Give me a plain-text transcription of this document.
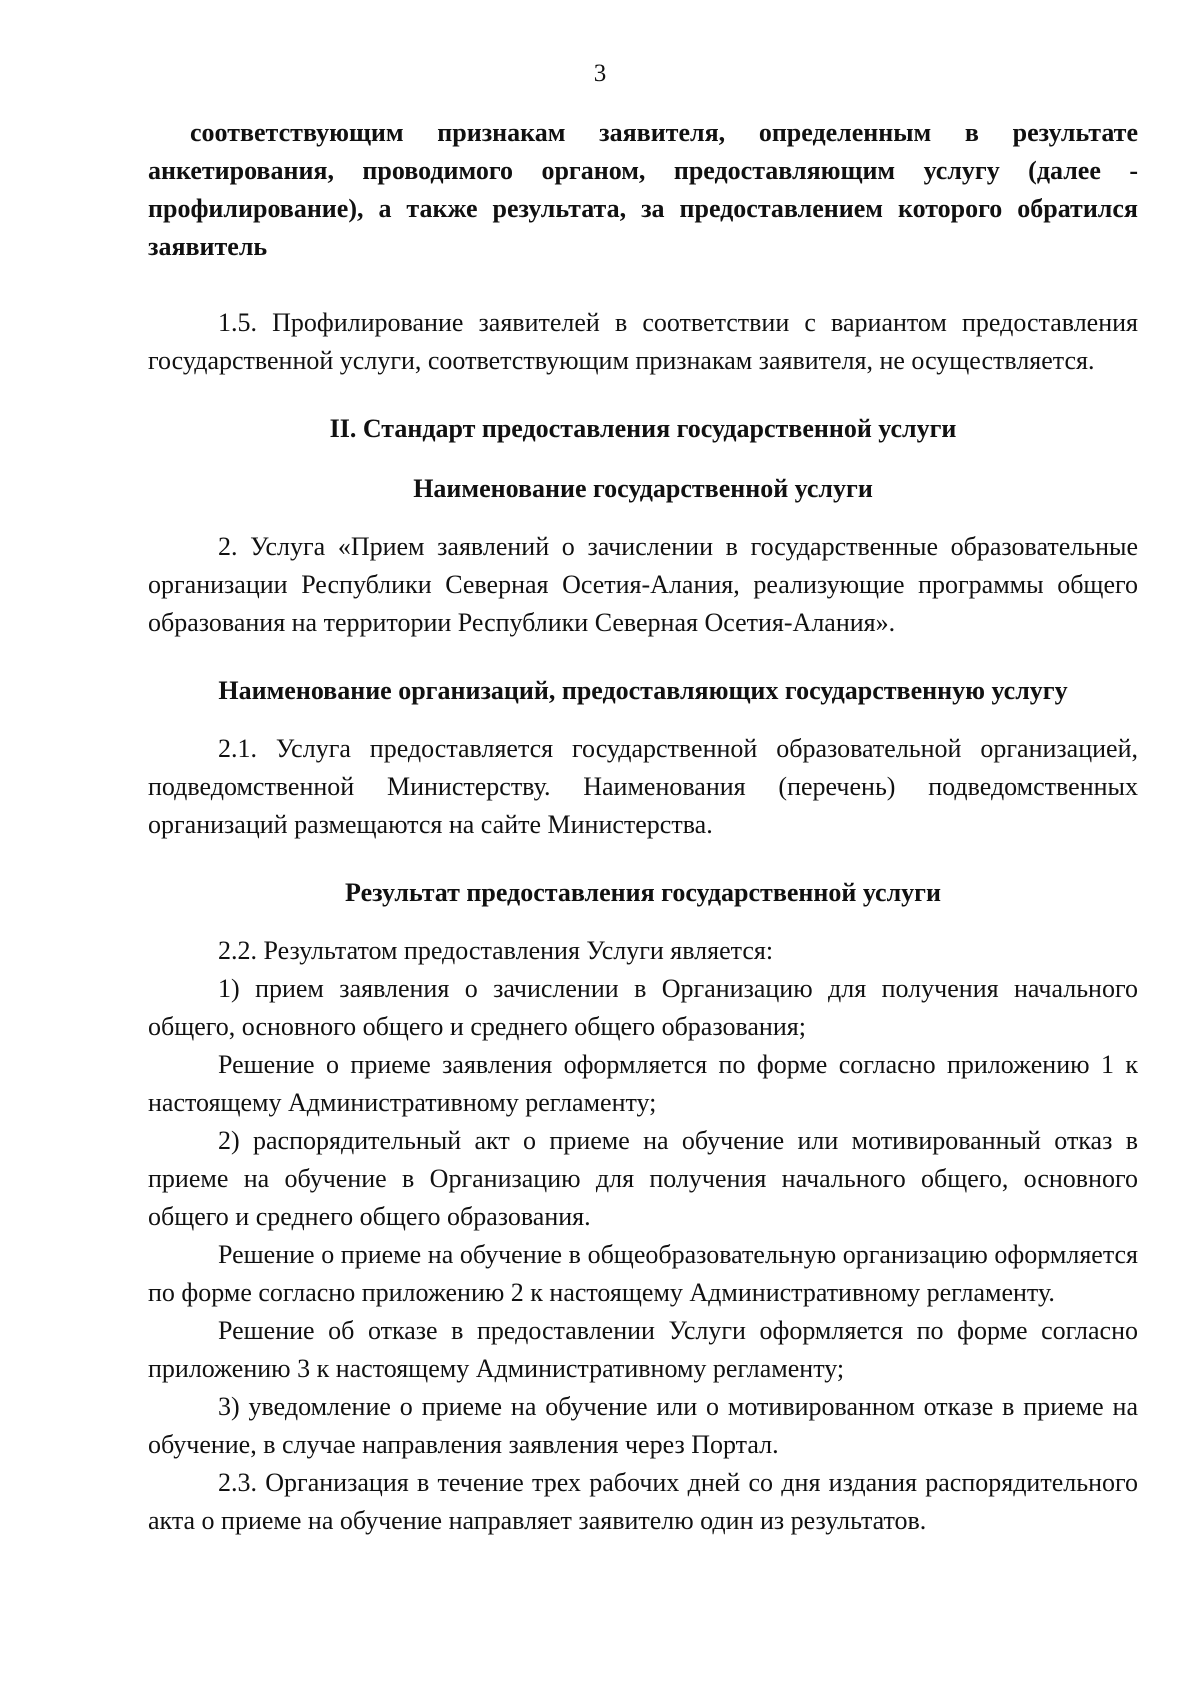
3

соответствующим признакам заявителя, определенным в результате анкетирования, проводимого органом, предоставляющим услугу (далее - профилирование), а также результата, за предоставлением которого обратился заявитель

1.5. Профилирование заявителей в соответствии с вариантом предоставления государственной услуги, соответствующим признакам заявителя, не осуществляется.

II. Стандарт предоставления государственной услуги

Наименование государственной услуги

2. Услуга «Прием заявлений о зачислении в государственные образовательные организации Республики Северная Осетия-Алания, реализующие программы общего образования на территории Республики Северная Осетия-Алания».

Наименование организаций, предоставляющих государственную услугу

2.1. Услуга предоставляется государственной образовательной организацией, подведомственной Министерству. Наименования (перечень) подведомственных организаций размещаются на сайте Министерства.

Результат предоставления государственной услуги

2.2. Результатом предоставления Услуги является:

1) прием заявления о зачислении в Организацию для получения начального общего, основного общего и среднего общего образования;

Решение о приеме заявления оформляется по форме согласно приложению 1 к настоящему Административному регламенту;

2) распорядительный акт о приеме на обучение или мотивированный отказ в приеме на обучение в Организацию для получения начального общего, основного общего и среднего общего образования.

Решение о приеме на обучение в общеобразовательную организацию оформляется по форме согласно приложению 2 к настоящему Административному регламенту.

Решение об отказе в предоставлении Услуги оформляется по форме согласно приложению 3 к настоящему Административному регламенту;

3) уведомление о приеме на обучение или о мотивированном отказе в приеме на обучение, в случае направления заявления через Портал.

2.3. Организация в течение трех рабочих дней со дня издания распорядительного акта о приеме на обучение направляет заявителю один из результатов.
